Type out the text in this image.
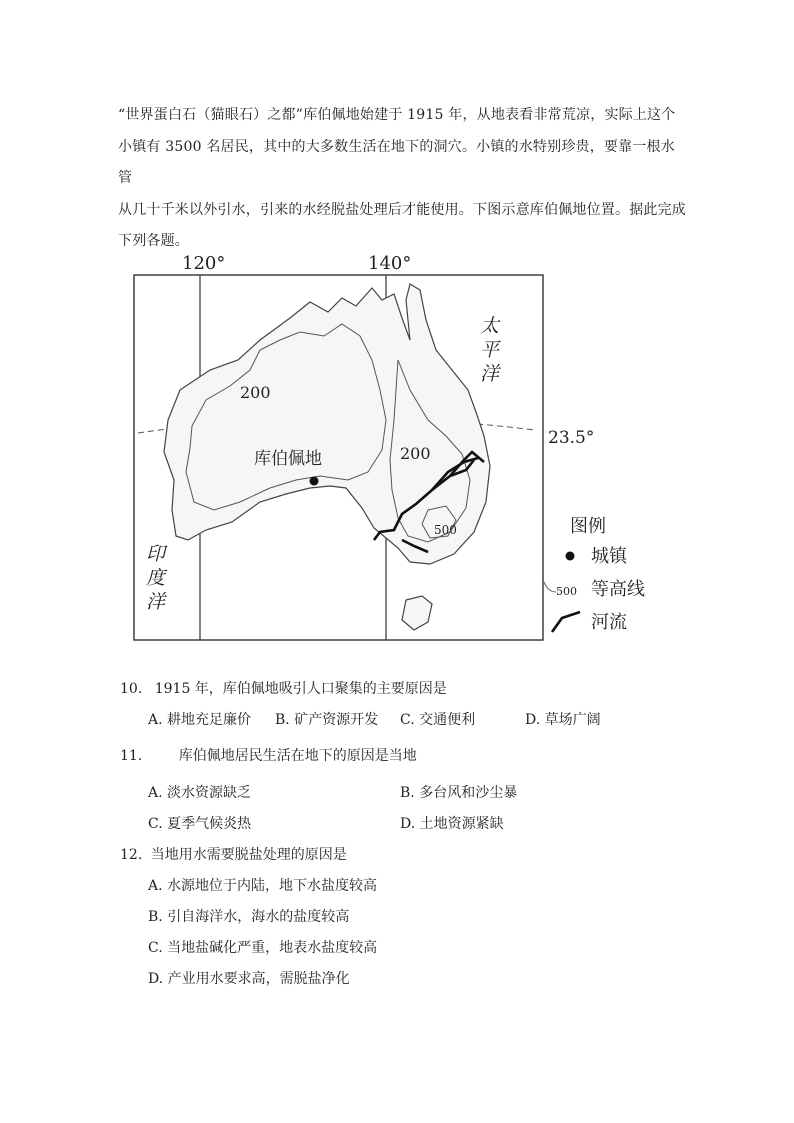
“世界蛋白石（猫眼石）之都”库伯佩地始建于 1915 年，从地表看非常荒凉，实际上这个

小镇有 3500 名居民，其中的大多数生活在地下的洞穴。小镇的水特别珍贵，要靠一根水管

从几十千米以外引水，引来的水经脱盐处理后才能使用。下图示意库伯佩地位置。据此完成

下列各题。

120°	140°
23.5°
200
200
500
库伯佩地
太
平
洋
印
度
洋
图例
城镇
500 等高线
河流
10. 1915 年，库伯佩地吸引人口聚集的主要原因是
A. 耕地充足廉价 B. 矿产资源开发 C. 交通便利	D. 草场广阔
11.	库伯佩地居民生活在地下的原因是当地
A. 淡水资源缺乏	B. 多台风和沙尘暴
C. 夏季气候炎热	D. 土地资源紧缺
12. 当地用水需要脱盐处理的原因是
A. 水源地位于内陆，地下水盐度较高
B. 引自海洋水，海水的盐度较高
C. 当地盐碱化严重，地表水盐度较高
D. 产业用水要求高，需脱盐净化
